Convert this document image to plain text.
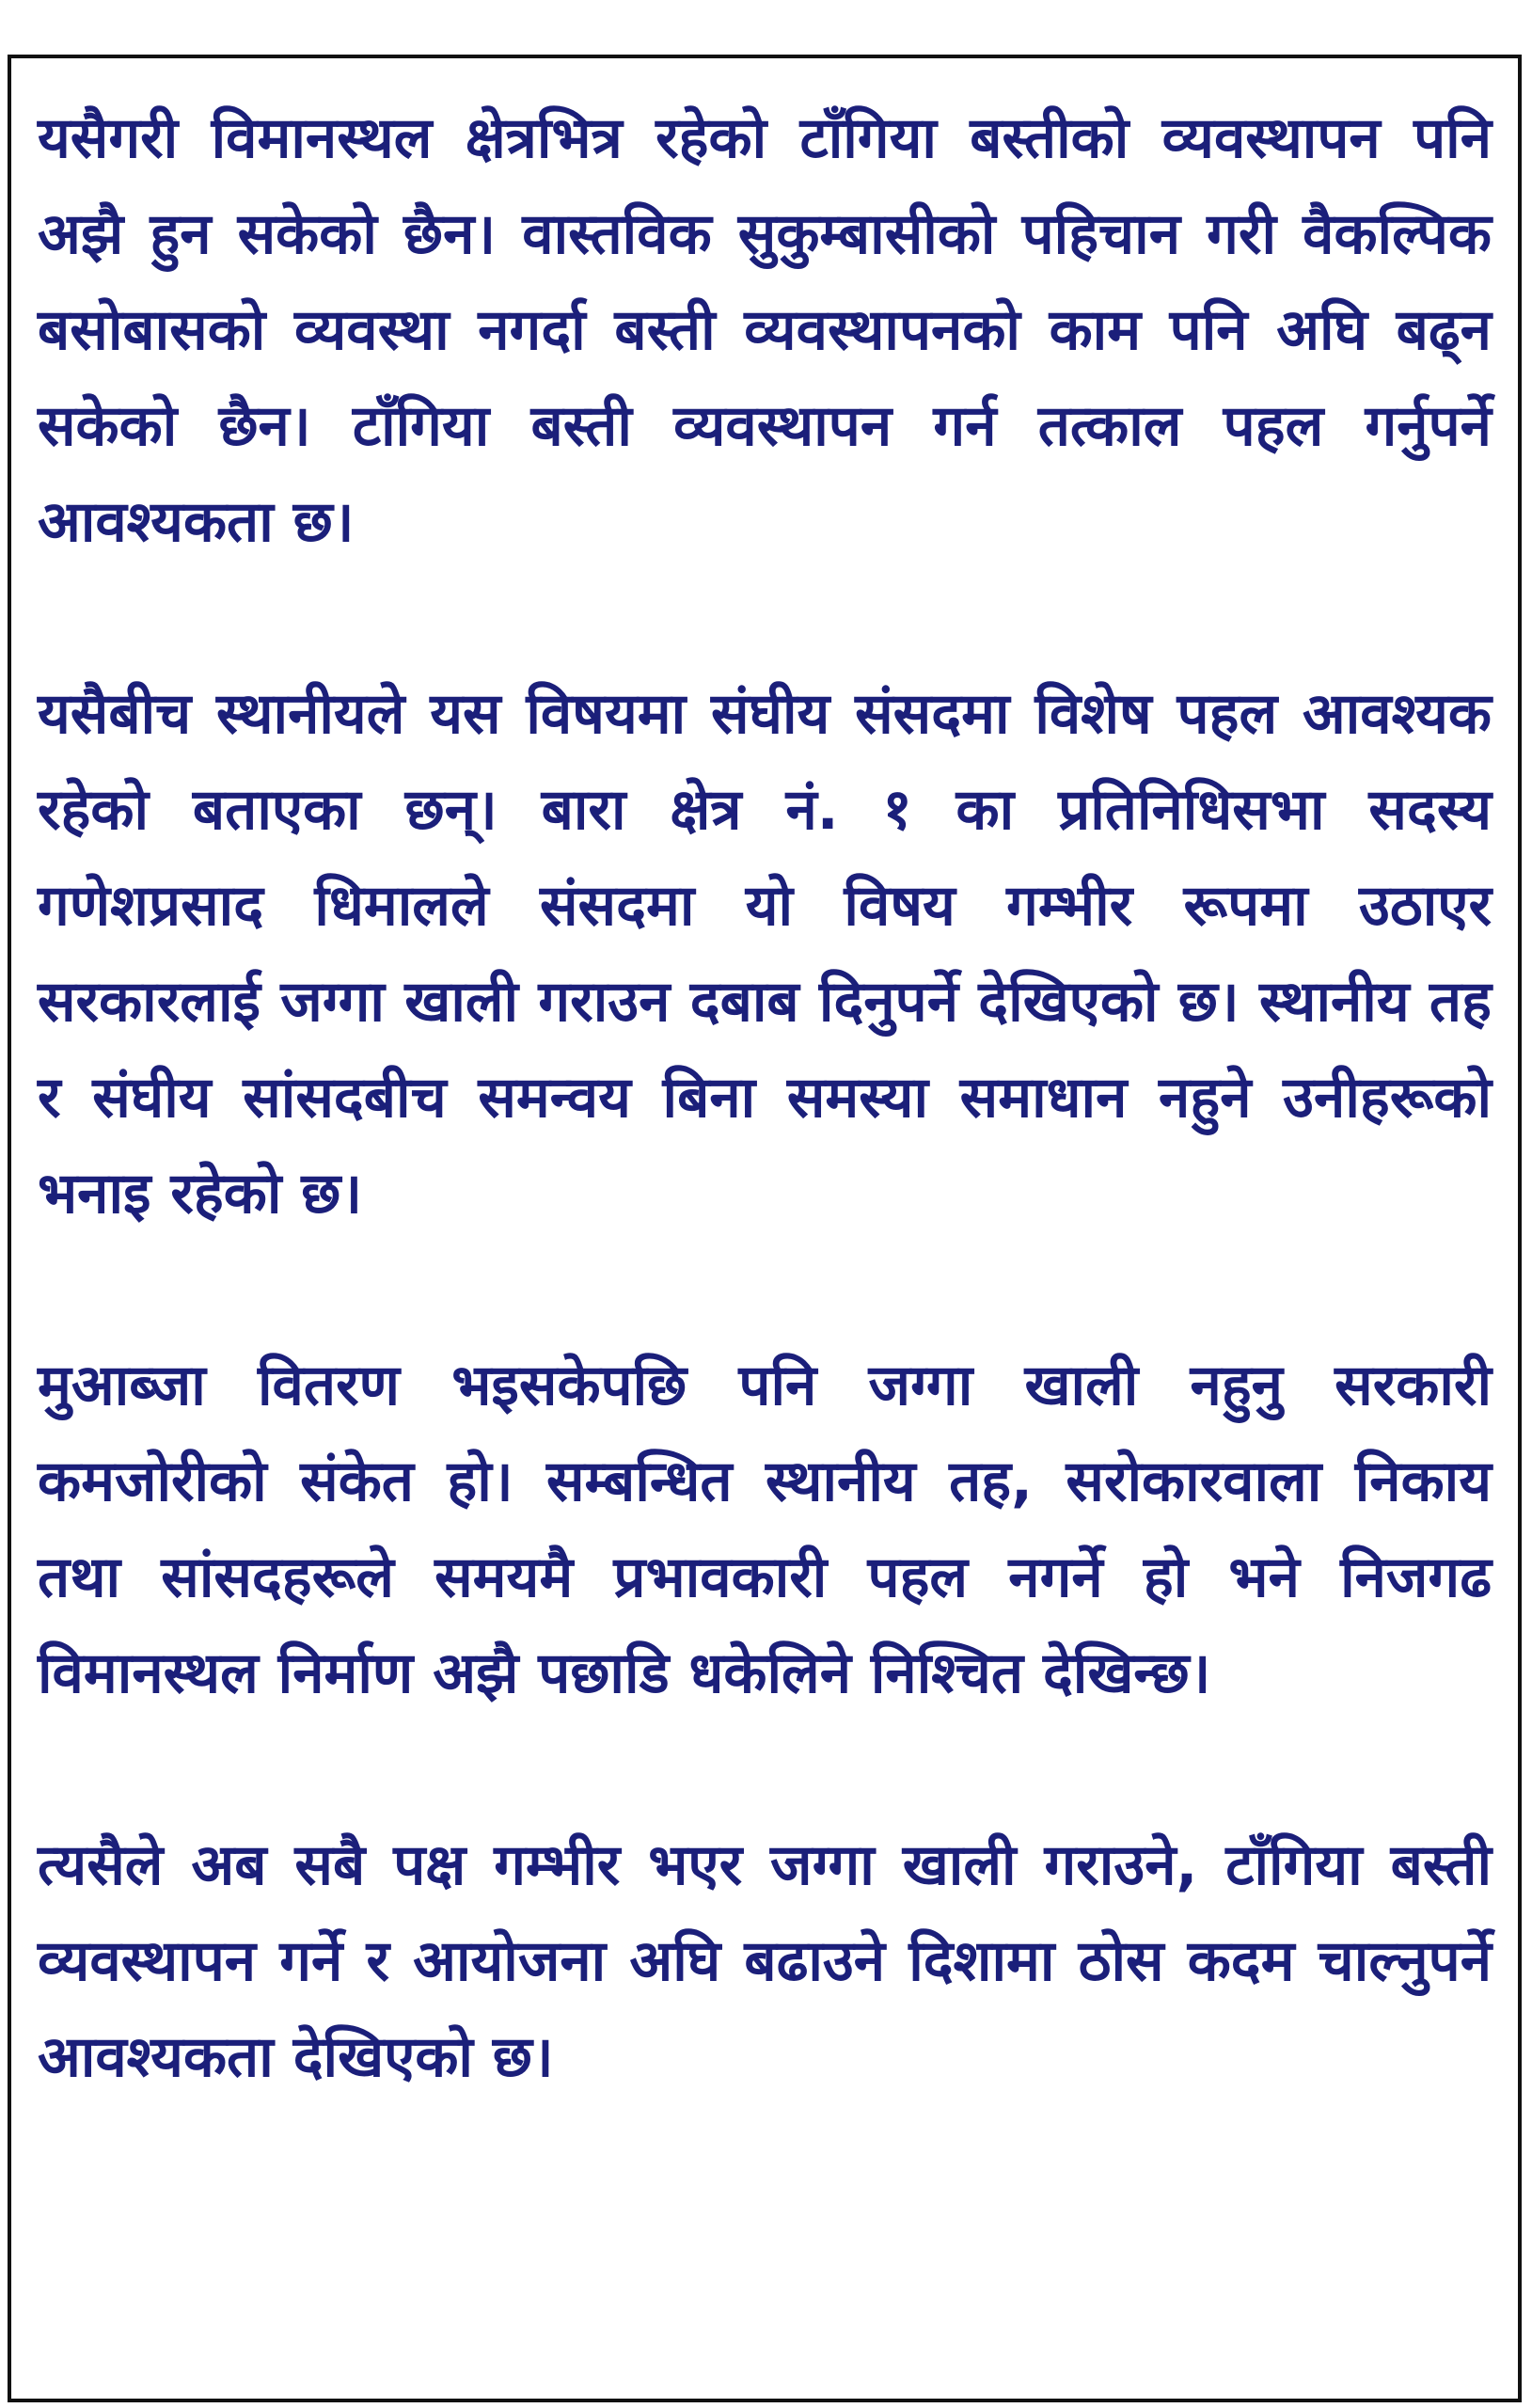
यसैगरी विमानस्थल क्षेत्रभित्र रहेको टाँगिया बस्तीको व्यवस्थापन पनि अझै हुन सकेको छैन। वास्तविक सुकुम्बासीको पहिचान गरी वैकल्पिक बसोबासको व्यवस्था नगर्दा बस्ती व्यवस्थापनको काम पनि अघि बढ्न सकेको छैन। टाँगिया बस्ती व्यवस्थापन गर्न तत्काल पहल गर्नुपर्ने आवश्यकता छ।

यसैबीच स्थानीयले यस विषयमा संघीय संसदमा विशेष पहल आवश्यक रहेको बताएका छन्। बारा क्षेत्र नं. १ का प्रतिनिधिसभा सदस्य गणेशप्रसाद धिमालले संसदमा यो विषय गम्भीर रूपमा उठाएर सरकारलाई जग्गा खाली गराउन दबाब दिनुपर्ने देखिएको छ। स्थानीय तह र संघीय सांसदबीच समन्वय बिना समस्या समाधान नहुने उनीहरूको भनाइ रहेको छ।

मुआब्जा वितरण भइसकेपछि पनि जग्गा खाली नहुनु सरकारी कमजोरीको संकेत हो। सम्बन्धित स्थानीय तह, सरोकारवाला निकाय तथा सांसदहरूले समयमै प्रभावकारी पहल नगर्ने हो भने निजगढ विमानस्थल निर्माण अझै पछाडि धकेलिने निश्चित देखिन्छ।

त्यसैले अब सबै पक्ष गम्भीर भएर जग्गा खाली गराउने, टाँगिया बस्ती व्यवस्थापन गर्ने र आयोजना अघि बढाउने दिशामा ठोस कदम चाल्नुपर्ने आवश्यकता देखिएको छ।
